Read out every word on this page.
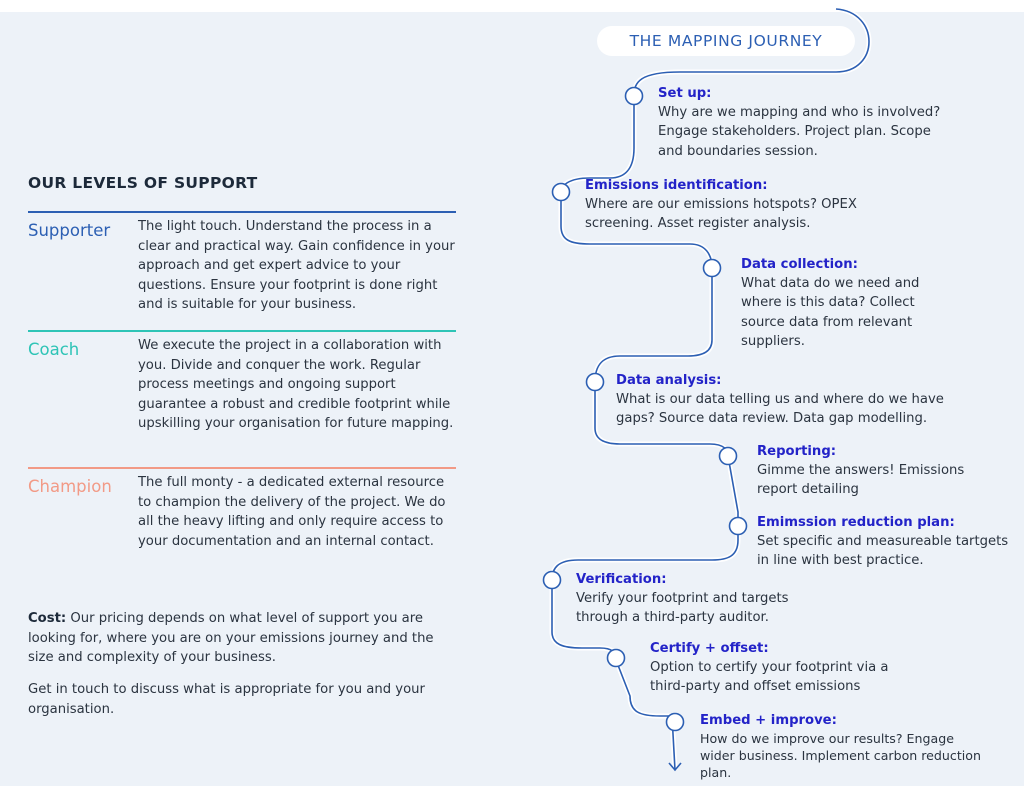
OUR LEVELS OF SUPPORT
Supporter The light touch. Understand the process in a clear and practical way. Gain confidence in your approach and get expert advice to your questions. Ensure your footprint is done right and is suitable for your business.

Coach	We execute the project in a collaboration with you. Divide and conquer the work. Regular process meetings and ongoing support guarantee a robust and credible footprint while upskilling your organisation for future mapping.

Champion The full monty - a dedicated external resource to champion the delivery of the project. We do all the heavy lifting and only require access to your documentation and an internal contact.

Cost: Our pricing depends on what level of support you are looking for, where you are on your emissions journey and the size and complexity of your business.

Get in touch to discuss what is appropriate for you and your organisation.

THE MAPPING JOURNEY

Set up:

Why are we mapping and who is involved? Engage stakeholders. Project plan. Scope and boundaries session.

Emissions identification:

Where are our emissions hotspots? OPEX screening. Asset register analysis.

Data collection:

What data do we need and where is this data? Collect source data from relevant suppliers.

Data analysis:

What is our data telling us and where do we have gaps? Source data review. Data gap modelling.

Reporting:

Gimme the answers! Emissions report detailing

Emimssion reduction plan:

Set specific and measureable tartgets in line with best practice.

Verification:

Verify your footprint and targets through a third-party auditor.

Certify + offset:

Option to certify your footprint via a third-party and offset emissions

Embed + improve:

How do we improve our results? Engage wider business. Implement carbon reduction plan.
